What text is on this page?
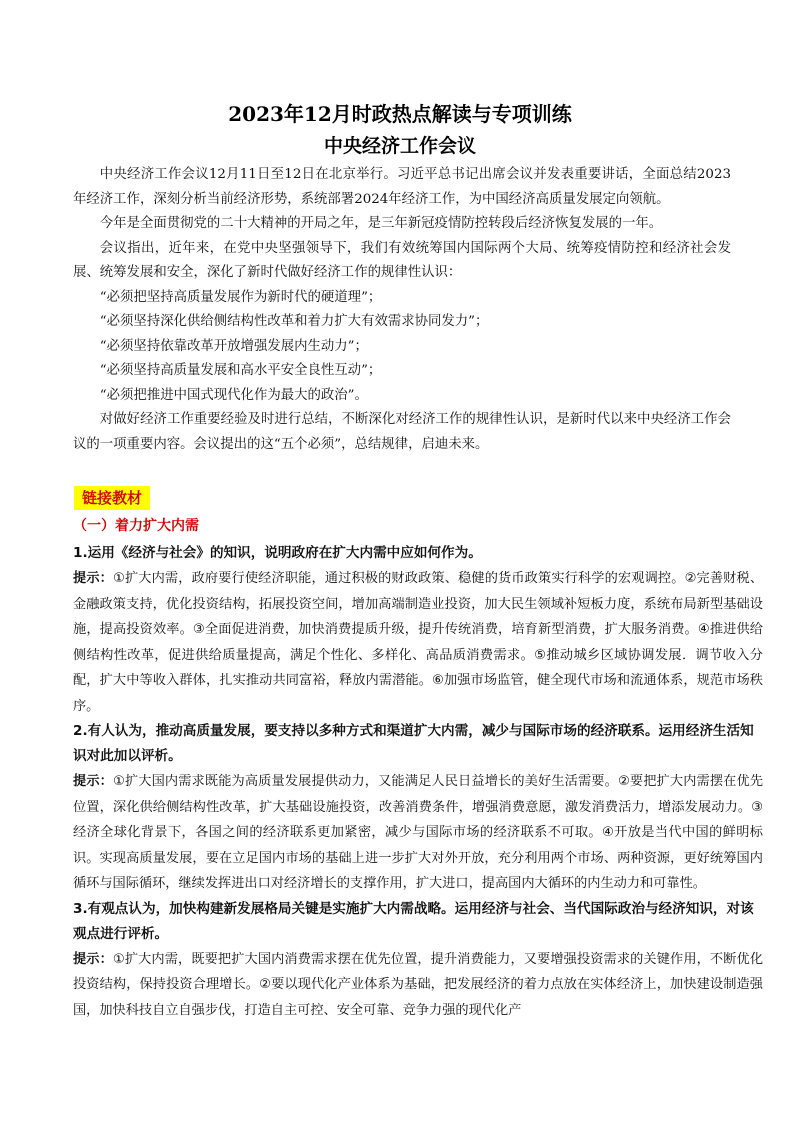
2023年12月时政热点解读与专项训练
中央经济工作会议

中央经济工作会议12月11日至12日在北京举行。习近平总书记出席会议并发表重要讲话，全面总结2023年经济工作，深刻分析当前经济形势，系统部署2024年经济工作，为中国经济高质量发展定向领航。

今年是全面贯彻党的二十大精神的开局之年，是三年新冠疫情防控转段后经济恢复发展的一年。

会议指出，近年来，在党中央坚强领导下，我们有效统筹国内国际两个大局、统筹疫情防控和经济社会发展、统筹发展和安全，深化了新时代做好经济工作的规律性认识：

“必须把坚持高质量发展作为新时代的硬道理”；

“必须坚持深化供给侧结构性改革和着力扩大有效需求协同发力”；

“必须坚持依靠改革开放增强发展内生动力”；

“必须坚持高质量发展和高水平安全良性互动”；

“必须把推进中国式现代化作为最大的政治”。

对做好经济工作重要经验及时进行总结，不断深化对经济工作的规律性认识，是新时代以来中央经济工作会议的一项重要内容。会议提出的这“五个必须”，总结规律，启迪未来。

链接教材
（一）着力扩大内需

1.运用《经济与社会》的知识，说明政府在扩大内需中应如何作为。

提示：①扩大内需，政府要行使经济职能，通过积极的财政政策、稳健的货币政策实行科学的宏观调控。②完善财税、金融政策支持，优化投资结构，拓展投资空间，增加高端制造业投资，加大民生领域补短板力度，系统布局新型基础设施，提高投资效率。③全面促进消费，加快消费提质升级，提升传统消费，培育新型消费，扩大服务消费。④推进供给侧结构性改革，促进供给质量提高，满足个性化、多样化、高品质消费需求。⑤推动城乡区域协调发展．调节收入分配，扩大中等收入群体，扎实推动共同富裕，释放内需潜能。⑥加强市场监管，健全现代市场和流通体系，规范市场秩序。

2.有人认为，推动高质量发展，要支持以多种方式和渠道扩大内需，减少与国际市场的经济联系。运用经济生活知识对此加以评析。

提示：①扩大国内需求既能为高质量发展提供动力，又能满足人民日益增长的美好生活需要。②要把扩大内需摆在优先位置，深化供给侧结构性改革，扩大基础设施投资，改善消费条件，增强消费意愿，激发消费活力，增添发展动力。③经济全球化背景下，各国之间的经济联系更加紧密，减少与国际市场的经济联系不可取。④开放是当代中国的鲜明标识。实现高质量发展，要在立足国内市场的基础上进一步扩大对外开放，充分利用两个市场、两种资源，更好统筹国内循环与国际循环，继续发挥进出口对经济增长的支撑作用，扩大进口，提高国内大循环的内生动力和可靠性。

3.有观点认为，加快构建新发展格局关键是实施扩大内需战略。运用经济与社会、当代国际政治与经济知识，对该观点进行评析。

提示：①扩大内需，既要把扩大国内消费需求摆在优先位置，提升消费能力，又要增强投资需求的关键作用，不断优化投资结构，保持投资合理增长。②要以现代化产业体系为基础，把发展经济的着力点放在实体经济上，加快建设制造强国，加快科技自立自强步伐，打造自主可控、安全可靠、竞争力强的现代化产
